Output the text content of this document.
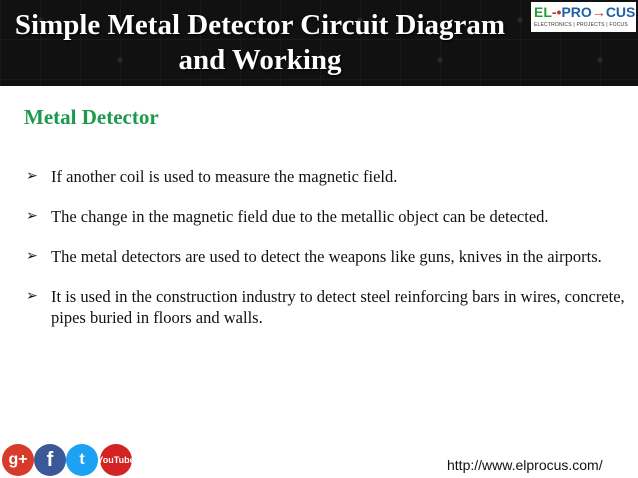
Simple Metal Detector Circuit Diagram
and Working
EL-•PRO→CUS
ELECTRONICS | PROJECTS | FOCUS
Metal Detector
➢ If another coil is used to measure the magnetic field.
➢ The change in the magnetic field due to the metallic object can be detected.
➢ The metal detectors are used to detect the weapons like guns, knives in the airports.
➢ It is used in the construction industry to detect steel reinforcing bars in wires, concrete, pipes buried in floors and walls.
g+ f	t	You Tube	http://www.elprocus.com/
